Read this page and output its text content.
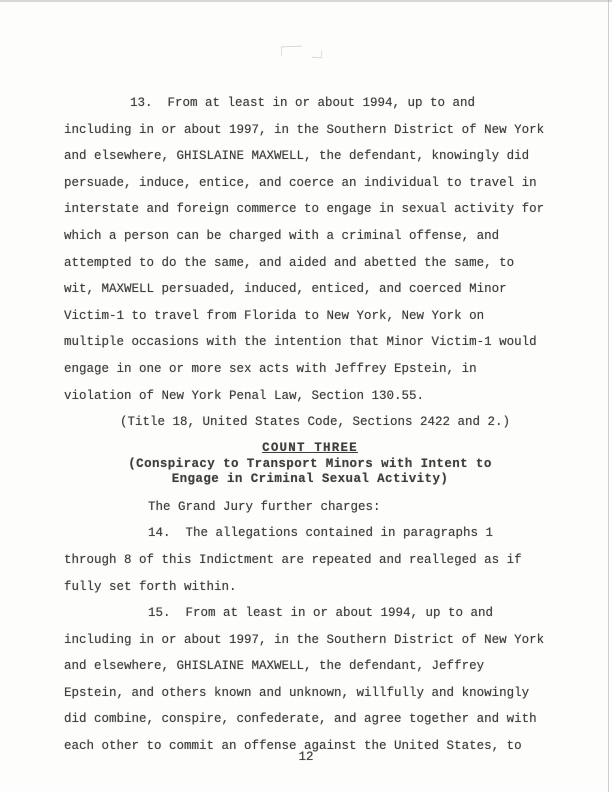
13.  From at least in or about 1994, up to and
including in or about 1997, in the Southern District of New York
and elsewhere, GHISLAINE MAXWELL, the defendant, knowingly did
persuade, induce, entice, and coerce an individual to travel in
interstate and foreign commerce to engage in sexual activity for
which a person can be charged with a criminal offense, and
attempted to do the same, and aided and abetted the same, to
wit, MAXWELL persuaded, induced, enticed, and coerced Minor
Victim-1 to travel from Florida to New York, New York on
multiple occasions with the intention that Minor Victim-1 would
engage in one or more sex acts with Jeffrey Epstein, in
violation of New York Penal Law, Section 130.55.
(Title 18, United States Code, Sections 2422 and 2.)
COUNT THREE
(Conspiracy to Transport Minors with Intent to
Engage in Criminal Sexual Activity)
The Grand Jury further charges:
14.  The allegations contained in paragraphs 1
through 8 of this Indictment are repeated and realleged as if
fully set forth within.
15.  From at least in or about 1994, up to and
including in or about 1997, in the Southern District of New York
and elsewhere, GHISLAINE MAXWELL, the defendant, Jeffrey
Epstein, and others known and unknown, willfully and knowingly
did combine, conspire, confederate, and agree together and with
each other to commit an offense against the United States, to
12
